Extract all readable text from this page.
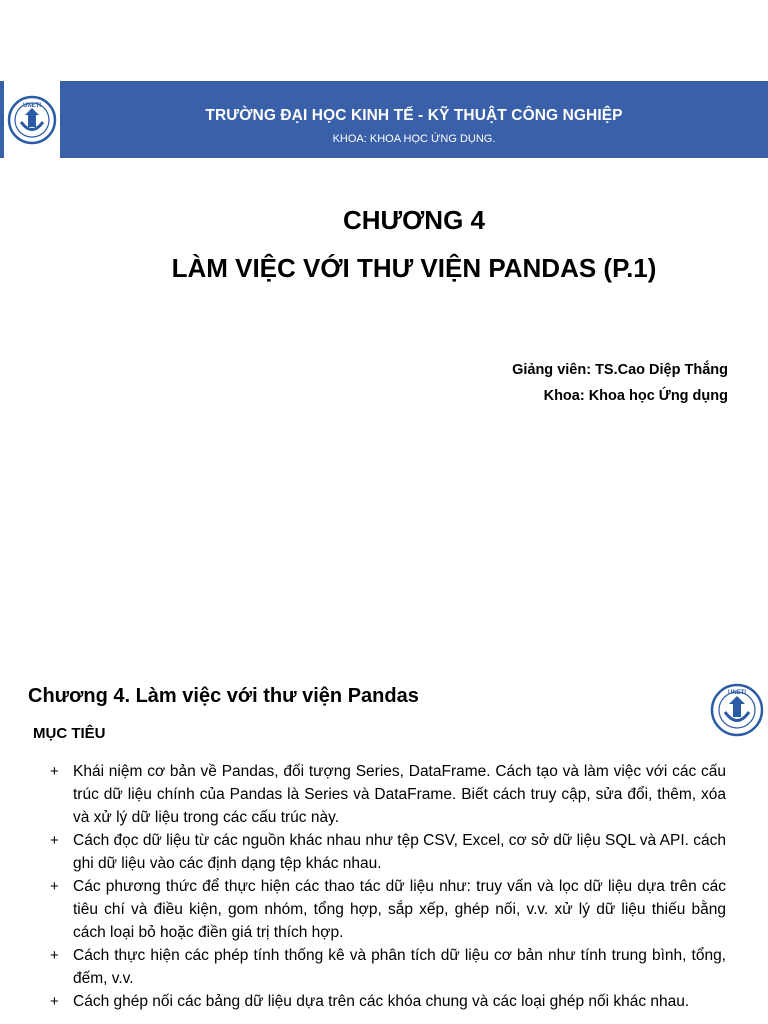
UNETI
TRƯỜNG ĐẠI HỌC KINH TẾ - KỸ THUẬT CÔNG NGHIỆP
KHOA: KHOA HỌC ỨNG DỤNG.
CHƯƠNG 4
LÀM VIỆC VỚI THƯ VIỆN PANDAS (P.1)
Giảng viên: TS.Cao Diệp Thắng
Khoa: Khoa học Ứng dụng
Chương 4. Làm việc với thư viện Pandas	UNETI
MỤC TIÊU
+ Khái niệm cơ bản về Pandas, đối tượng Series, DataFrame. Cách tạo và làm việc với các cấu trúc dữ liệu chính của Pandas là Series và DataFrame. Biết cách truy cập, sửa đổi, thêm, xóa và xử lý dữ liệu trong các cấu trúc này.
+ Cách đọc dữ liệu từ các nguồn khác nhau như tệp CSV, Excel, cơ sở dữ liệu SQL và API. cách ghi dữ liệu vào các định dạng tệp khác nhau.
+ Các phương thức để thực hiện các thao tác dữ liệu như: truy vấn và lọc dữ liệu dựa trên các tiêu chí và điều kiện, gom nhóm, tổng hợp, sắp xếp, ghép nối, v.v. xử lý dữ liệu thiếu bằng cách loại bỏ hoặc điền giá trị thích hợp.
+ Cách thực hiện các phép tính thống kê và phân tích dữ liệu cơ bản như tính trung bình, tổng, đếm, v.v.
+ Cách ghép nối các bảng dữ liệu dựa trên các khóa chung và các loại ghép nối khác nhau.
